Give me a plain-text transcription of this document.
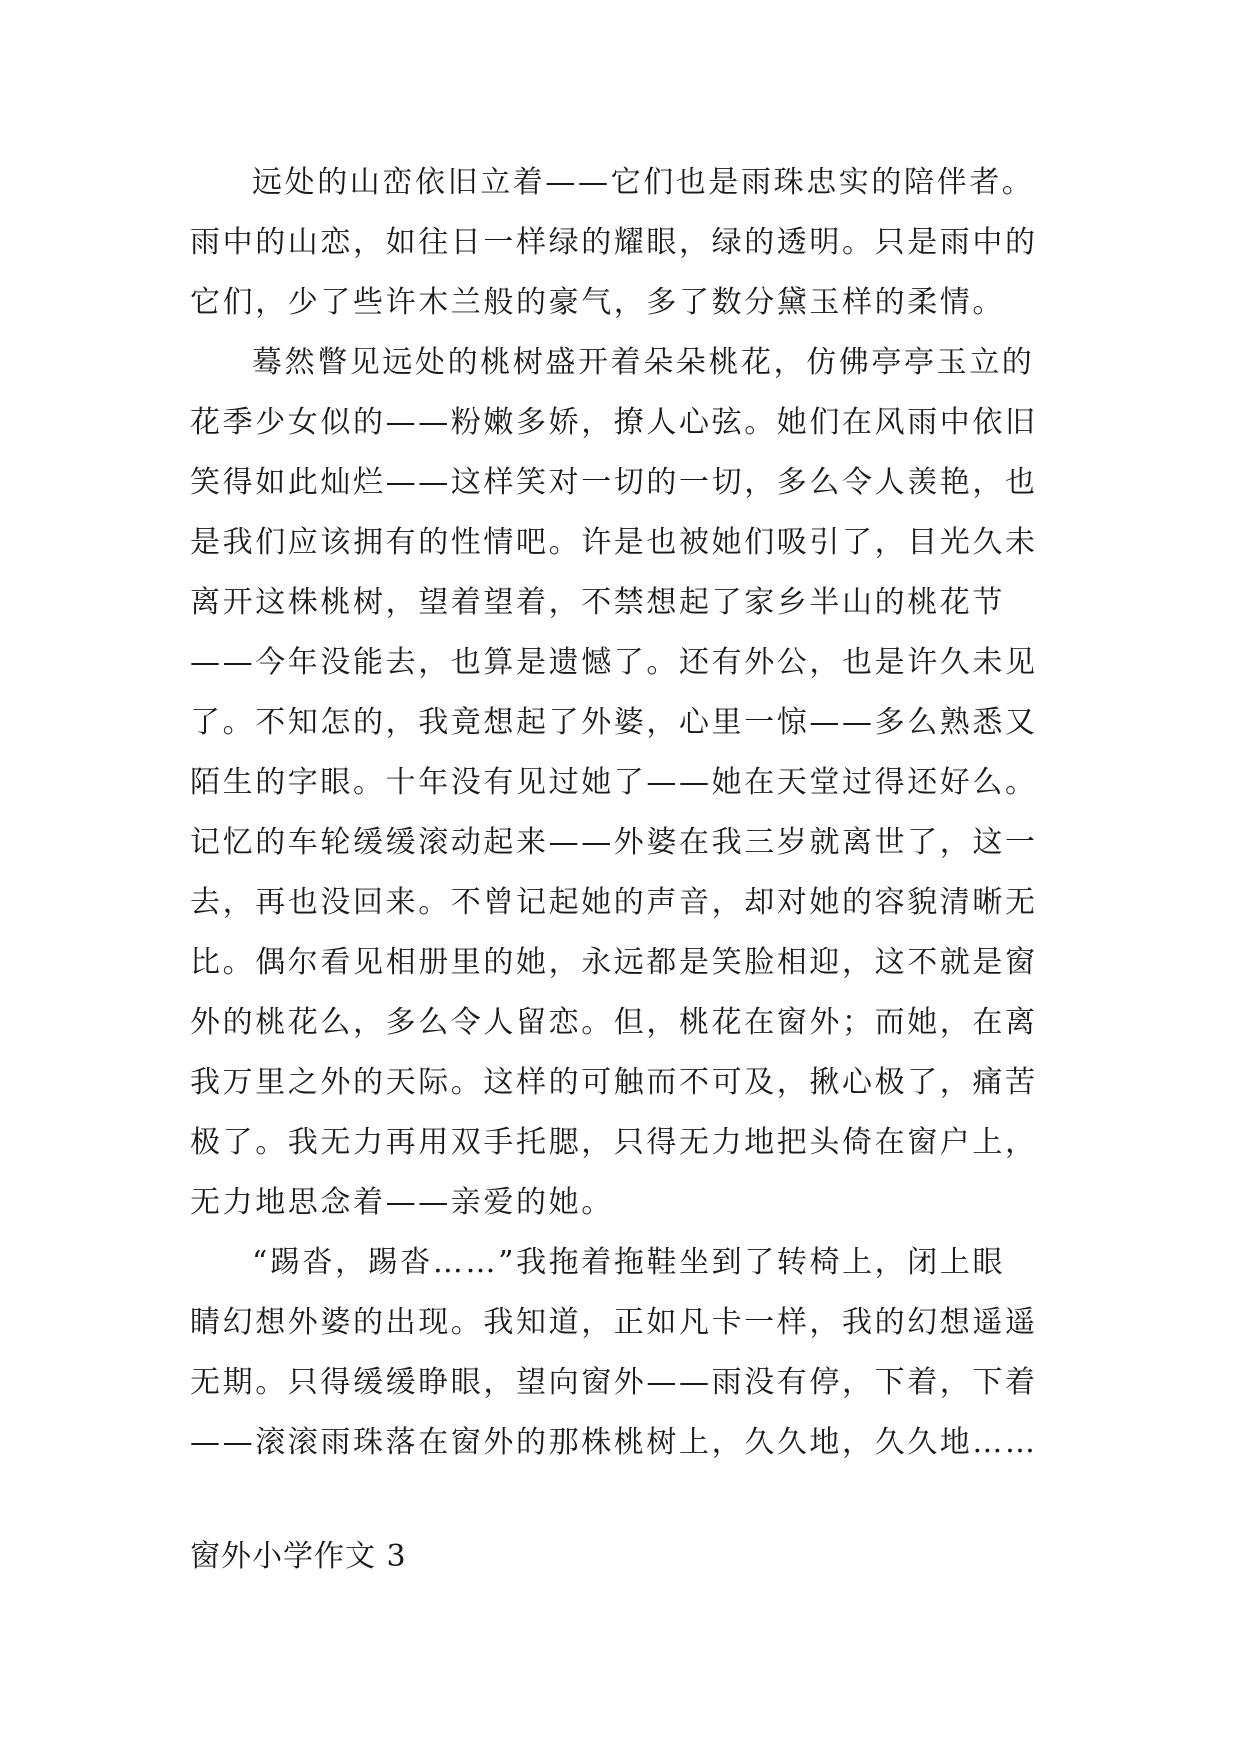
远处的山峦依旧立着——它们也是雨珠忠实的陪伴者。
雨中的山恋，如往日一样绿的耀眼，绿的透明。只是雨中的
它们，少了些许木兰般的豪气，多了数分黛玉样的柔情。
蓦然瞥见远处的桃树盛开着朵朵桃花，仿佛亭亭玉立的
花季少女似的——粉嫩多娇，撩人心弦。她们在风雨中依旧
笑得如此灿烂——这样笑对一切的一切，多么令人羡艳，也
是我们应该拥有的性情吧。许是也被她们吸引了，目光久未
离开这株桃树，望着望着，不禁想起了家乡半山的桃花节
——今年没能去，也算是遗憾了。还有外公，也是许久未见
了。不知怎的，我竟想起了外婆，心里一惊——多么熟悉又
陌生的字眼。十年没有见过她了——她在天堂过得还好么。
记忆的车轮缓缓滚动起来——外婆在我三岁就离世了，这一
去，再也没回来。不曾记起她的声音，却对她的容貌清晰无
比。偶尔看见相册里的她，永远都是笑脸相迎，这不就是窗
外的桃花么，多么令人留恋。但，桃花在窗外；而她，在离
我万里之外的天际。这样的可触而不可及，揪心极了，痛苦
极了。我无力再用双手托腮，只得无力地把头倚在窗户上，
无力地思念着——亲爱的她。
“踢沓，踢沓……”我拖着拖鞋坐到了转椅上，闭上眼
睛幻想外婆的出现。我知道，正如凡卡一样，我的幻想遥遥
无期。只得缓缓睁眼，望向窗外——雨没有停，下着，下着
——滚滚雨珠落在窗外的那株桃树上，久久地，久久地……
窗外小学作文 3
